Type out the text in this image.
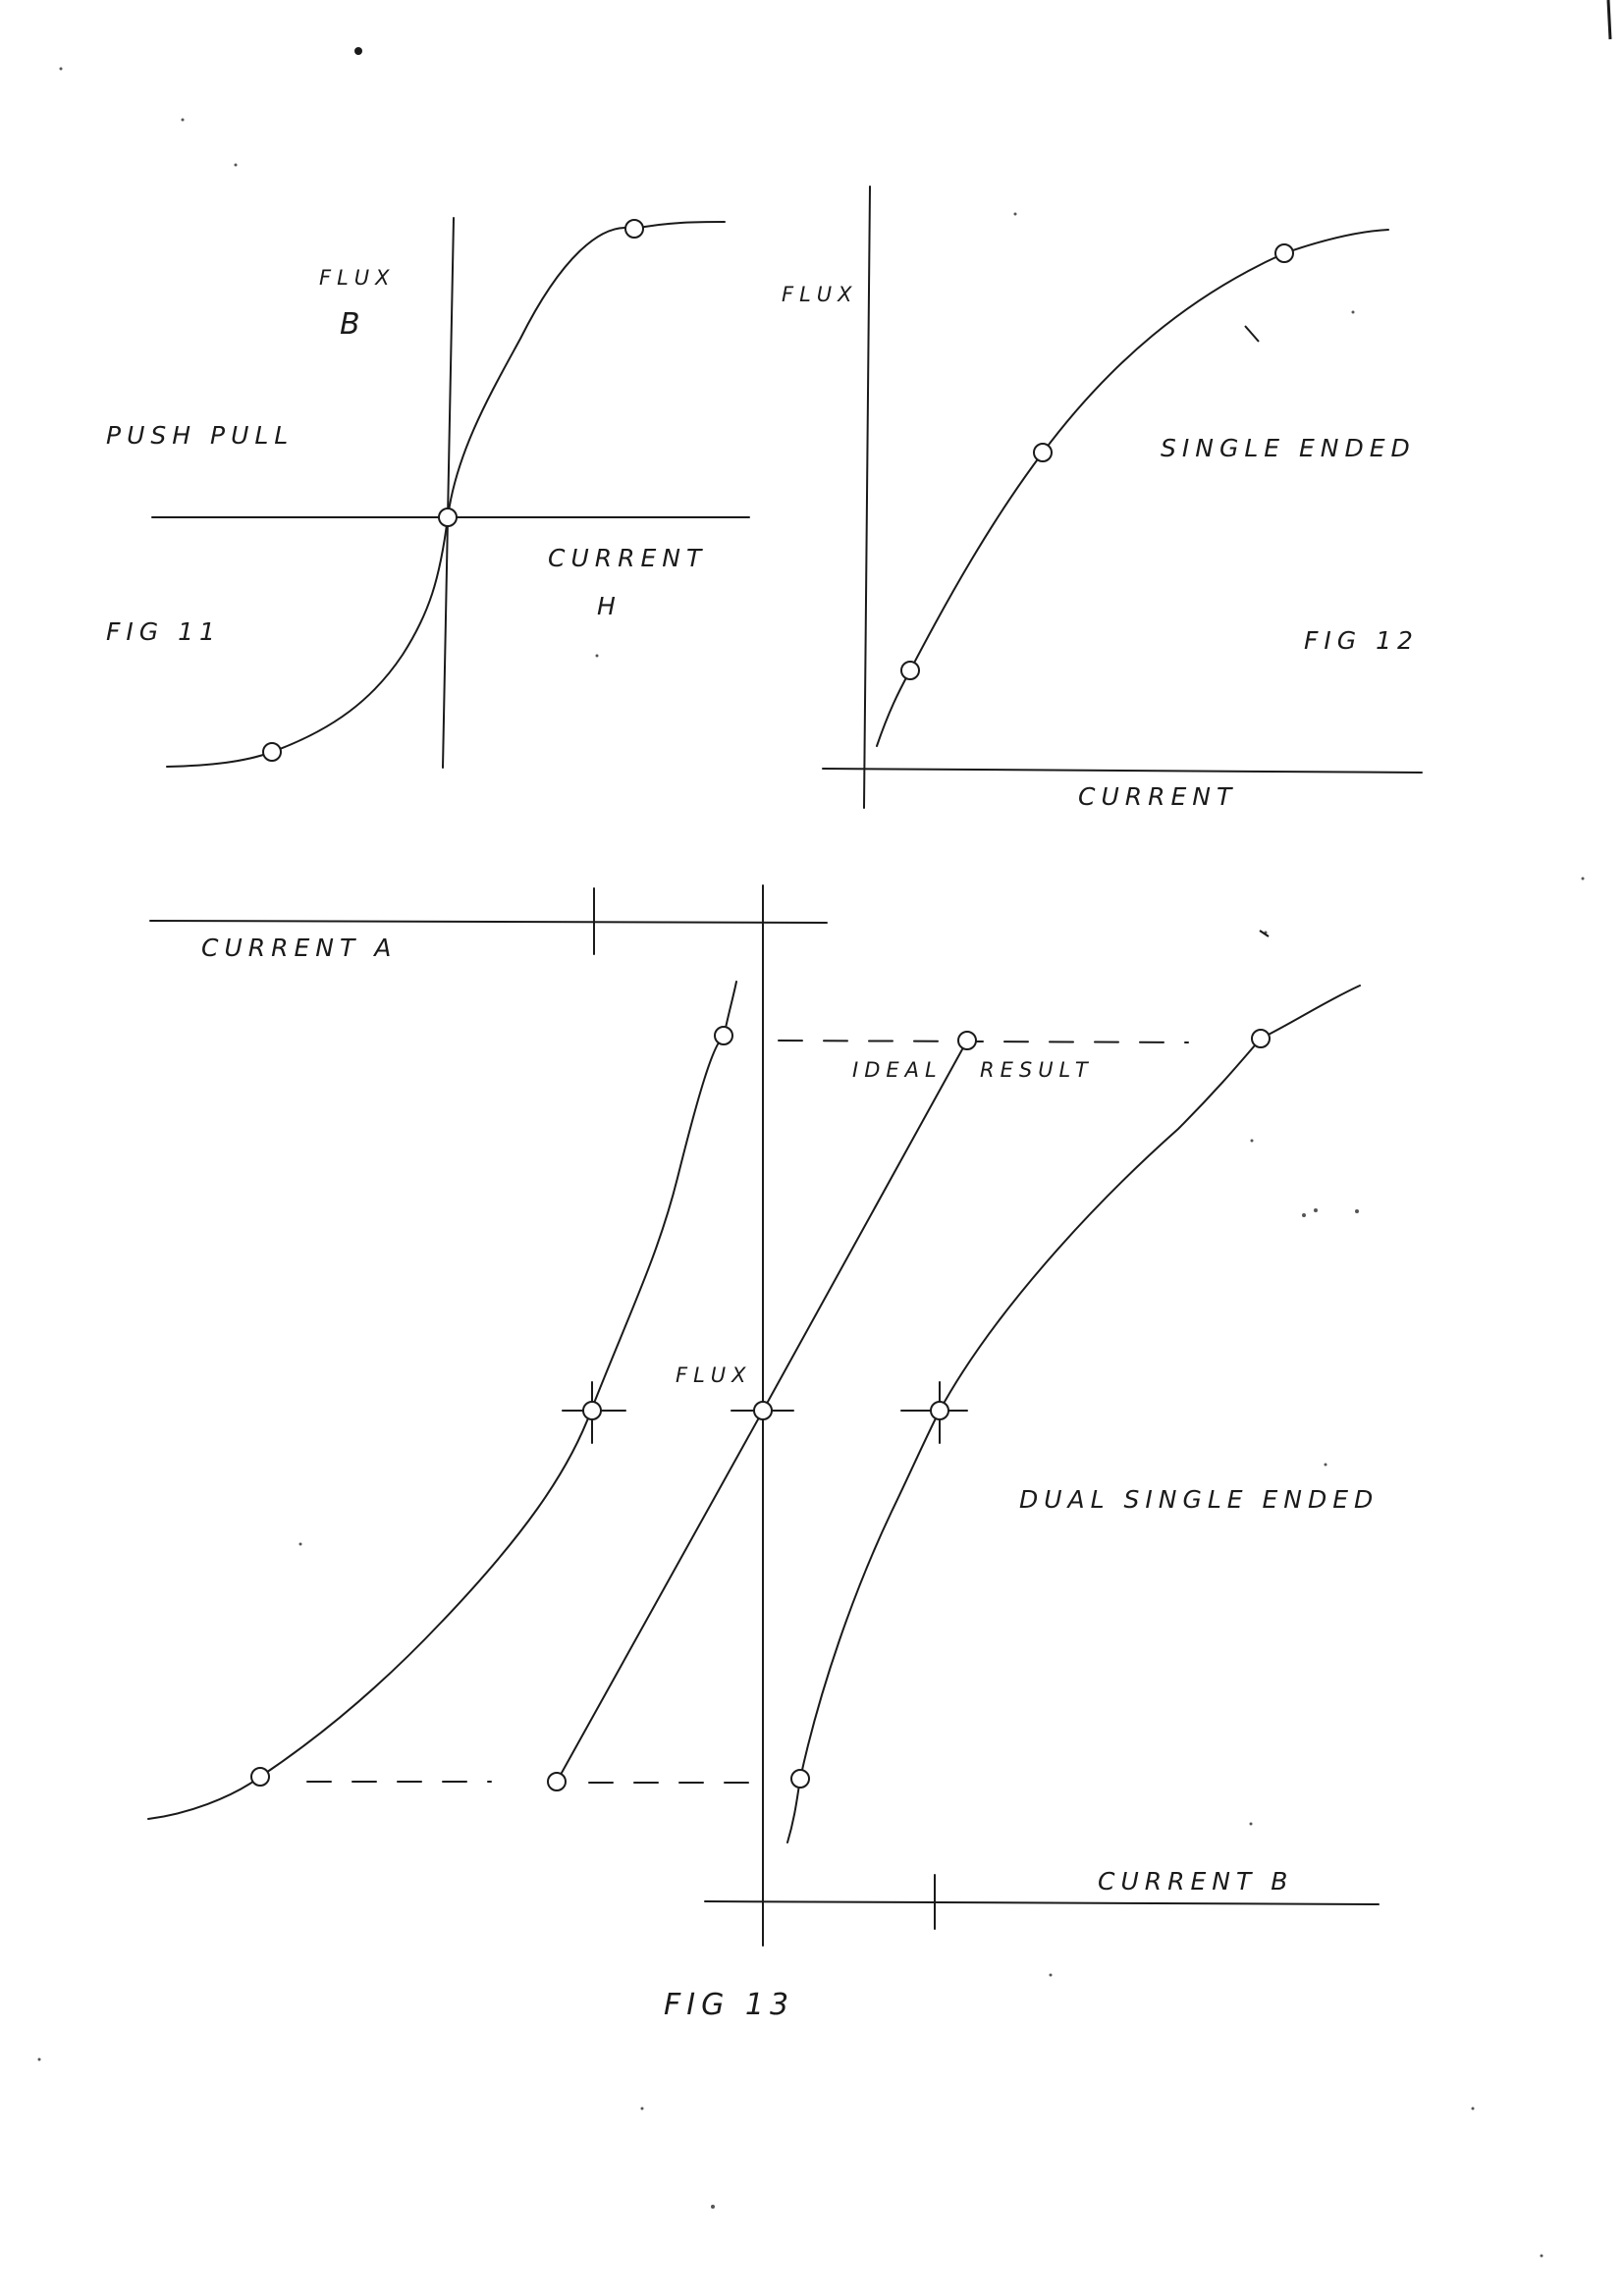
FLUX
B
PUSH PULL
CURRENT
H
FIG 11
FLUX
SINGLE ENDED
FIG 12
CURRENT
CURRENT A
IDEAL RESULT
FLUX
DUAL SINGLE ENDED
CURRENT B
FIG 13
